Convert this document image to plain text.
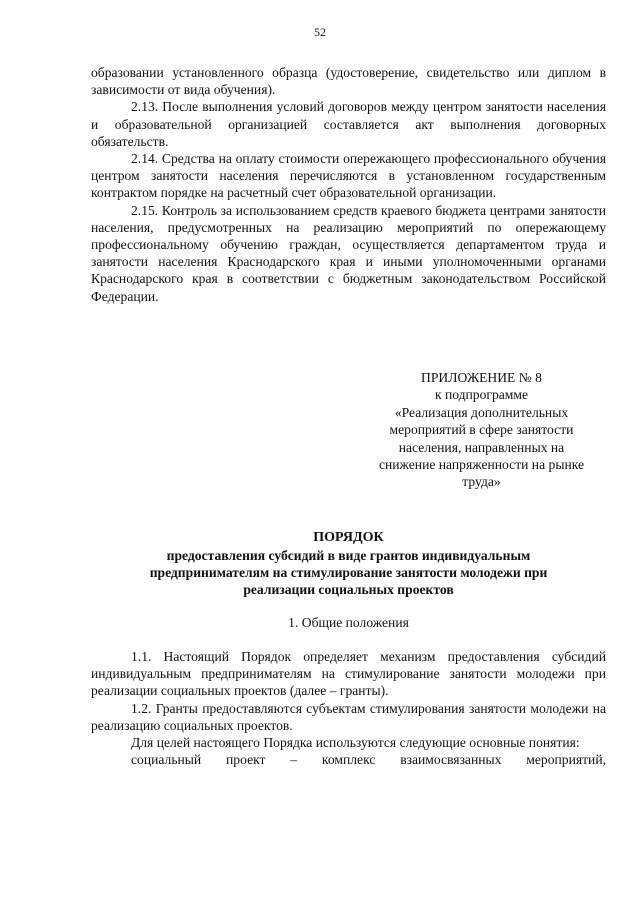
52

образовании установленного образца (удостоверение, свидетельство или диплом в зависимости от вида обучения).

2.13. После выполнения условий договоров между центром занятости населения и образовательной организацией составляется акт выполнения договорных обязательств.

2.14. Средства на оплату стоимости опережающего профессионального обучения центром занятости населения перечисляются в установленном государственным контрактом порядке на расчетный счет образовательной организации.

2.15. Контроль за использованием средств краевого бюджета центрами занятости населения, предусмотренных на реализацию мероприятий по опережающему профессиональному обучению граждан, осуществляется департаментом труда и занятости населения Краснодарского края и иными уполномоченными органами Краснодарского края в соответствии с бюджетным законодательством Российской Федерации.

ПРИЛОЖЕНИЕ № 8
к подпрограмме
«Реализация дополнительных
мероприятий в сфере занятости
населения, направленных на
снижение напряженности на рынке
труда»
ПОРЯДОК
предоставления субсидий в виде грантов индивидуальным
предпринимателям на стимулирование занятости молодежи при
реализации социальных проектов
1. Общие положения

1.1. Настоящий Порядок определяет механизм предоставления субсидий индивидуальным предпринимателям на стимулирование занятости молодежи при реализации социальных проектов (далее – гранты).

1.2. Гранты предоставляются субъектам стимулирования занятости молодежи на реализацию социальных проектов.

Для целей настоящего Порядка используются следующие основные понятия:

социальный проект – комплекс взаимосвязанных мероприятий,
